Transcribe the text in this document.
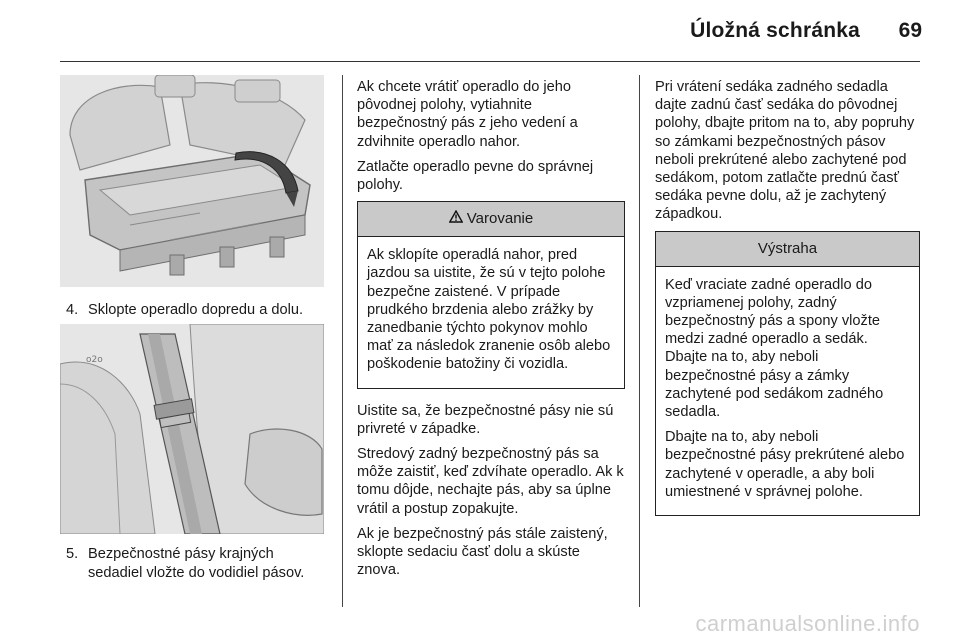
Úložná schránka 69
4. Sklopte operadlo dopredu a dolu.
o2o
5. Bezpečnostné pásy krajných sedadiel vložte do vodidiel pásov.

Ak chcete vrátiť operadlo do jeho pôvodnej polohy, vytiahnite bezpečnostný pás z jeho vedení a zdvihnite operadlo nahor.

Zatlačte operadlo pevne do správnej polohy.

Varovanie

Ak sklopíte operadlá nahor, pred jazdou sa uistite, že sú v tejto polohe bezpečne zaistené. V prípade prudkého brzdenia alebo zrážky by zanedbanie týchto pokynov mohlo mať za následok zranenie osôb alebo poškodenie batožiny či vozidla.

Uistite sa, že bezpečnostné pásy nie sú privreté v západke.

Stredový zadný bezpečnostný pás sa môže zaistiť, keď zdvíhate operadlo. Ak k tomu dôjde, nechajte pás, aby sa úplne vrátil a postup zopakujte.

Ak je bezpečnostný pás stále zaistený, sklopte sedaciu časť dolu a skúste znova.

Pri vrátení sedáka zadného sedadla dajte zadnú časť sedáka do pôvodnej polohy, dbajte pritom na to, aby popruhy so zámkami bezpečnostných pásov neboli prekrútené alebo zachytené pod sedákom, potom zatlačte prednú časť sedáka pevne dolu, až je zachytený západkou.

Výstraha

Keď vraciate zadné operadlo do vzpriamenej polohy, zadný bezpečnostný pás a spony vložte medzi zadné operadlo a sedák. Dbajte na to, aby neboli bezpečnostné pásy a zámky zachytené pod sedákom zadného sedadla.

Dbajte na to, aby neboli bezpečnostné pásy prekrútené alebo zachytené v operadle, a aby boli umiestnené v správnej polohe.

carmanualsonline.info
